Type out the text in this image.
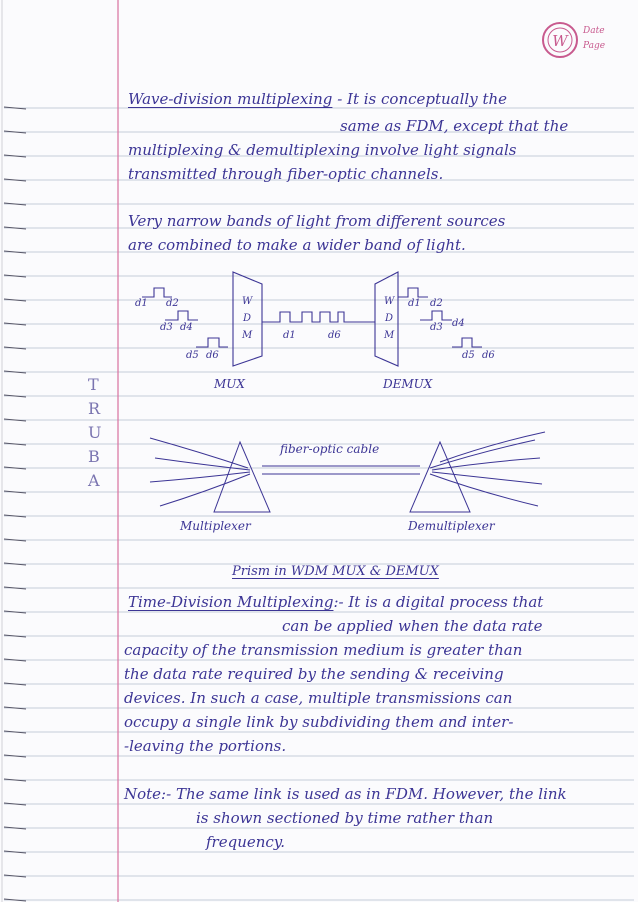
W
Date
Page
T
R
U
B
A
Wave-division multiplexing - It is conceptually the
same as FDM, except that the
multiplexing & demultiplexing involve light signals
transmitted through fiber-optic channels.
Very narrow bands of light from different sources
are combined to make a wider band of light.
d1 d2
d3 d4
d5 d6
W
D
M	d1	d6
W
D
M
d1 d2
d3 d4
d5 d6
MUX	DEMUX
fiber-optic cable
Multiplexer	Demultiplexer
Prism in WDM MUX & DEMUX
Time-Division Multiplexing:- It is a digital process that
can be applied when the data rate
capacity of the transmission medium is greater than
the data rate required by the sending & receiving
devices. In such a case, multiple transmissions can
occupy a single link by subdividing them and inter-
-leaving the portions.
Note:- The same link is used as in FDM. However, the link
is shown sectioned by time rather than
frequency.
